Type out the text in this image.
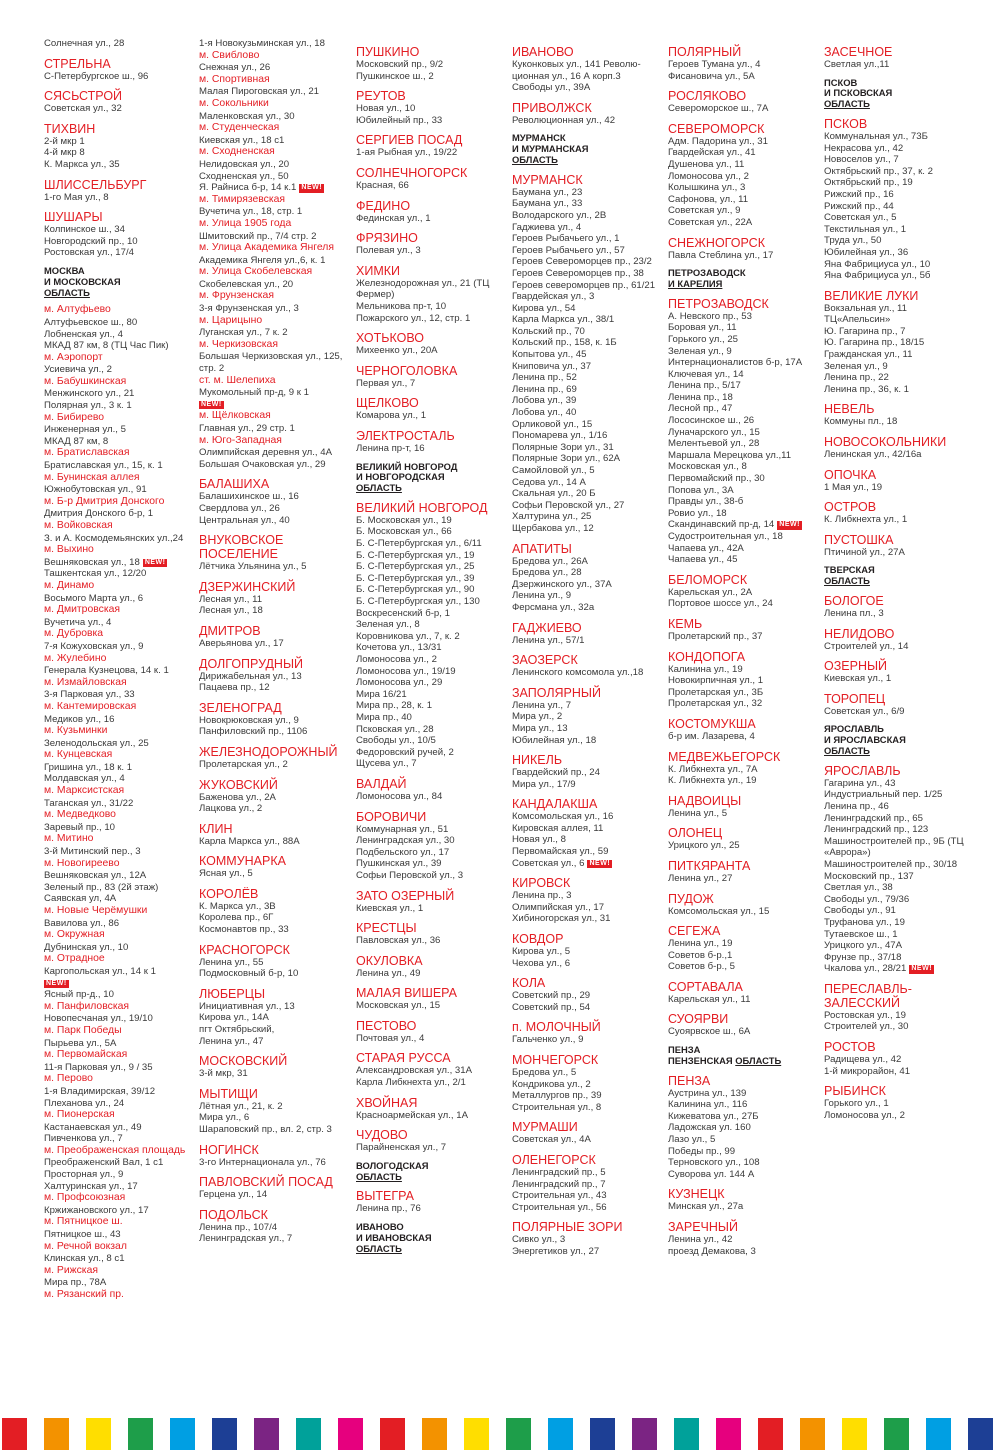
Солнечная ул., 28
СТРЕЛЬНА
С-Петербургское ш., 96
СЯСЬСТРОЙ
Советская ул., 32
ТИХВИН
2-й мкр 1
4-й мкр 8
К. Маркса ул., 35
ШЛИССЕЛЬБУРГ
1-го Мая ул., 8
ШУШАРЫ
Колпинское ш., 34
Новгородский пр., 10
Ростовская ул., 17/4
МОСКВА
И МОСКОВСКАЯ
ОБЛАСТЬ
м. Алтуфьево
Алтуфьевское ш., 80
Лобненская ул., 4
МКАД 87 км, 8 (ТЦ Час Пик)
м. Аэропорт
Усиевича ул., 2
м. Бабушкинская
Менжинского ул., 21
Полярная ул., 3 к. 1
м. Бибирево
Инженерная ул., 5
МКАД 87 км, 8
м. Братиславская
Братиславская ул., 15, к. 1
м. Бунинская аллея
Южнобутовская ул., 91
м. Б-р Дмитрия Донского
Дмитрия Донского б-р, 1
м. Войковская
З. и А. Космодемьянских ул.,24
м. Выхино
Вешняковская ул., 18 NEW!
Ташкентская ул., 12/20
м. Динамо
Восьмого Марта ул., 6
м. Дмитровская
Вучетича ул., 4
м. Дубровка
7-я Кожуховская ул., 9
м. Жулебино
Генерала Кузнецова, 14 к. 1
м. Измайловская
3-я Парковая ул., 33
м. Кантемировская
Медиков ул., 16
м. Кузьминки
Зеленодольская ул., 25
м. Кунцевская
Гришина ул., 18 к. 1
Молдавская ул., 4
м. Марксистская
Таганская ул., 31/22
м. Медведково
Заревый пр., 10
м. Митино
3-й Митинский пер., 3
м. Новогиреево
Вешняковская ул., 12А
Зеленый пр., 83 (2й этаж)
Саявская ул, 4А
м. Новые Черёмушки
Вавилова ул., 86
м. Окружная
Дубнинская ул., 10
м. Отрадное
Каргопольская ул., 14 к 1
NEW!
Ясный пр-д., 10
м. Панфиловская
Новопесчаная ул., 19/10
м. Парк Победы
Пырьева ул., 5А
м. Первомайская
11-я Парковая ул., 9 / 35
м. Перово
1-я Владимирская, 39/12
Плеханова ул., 24
м. Пионерская
Кастанаевская ул., 49
Пивченкова ул., 7
м. Преображенская площадь
Преображенский Вал, 1 с1
Просторная ул., 9
Халтуринская ул., 17
м. Профсоюзная
Кржижановского ул., 17
м. Пятницкое ш.
Пятницкое ш., 43
м. Речной вокзал
Клинская ул., 8 с1
м. Рижская
Мира пр., 78А
м. Рязанский пр.
1-я Новокузьминская ул., 18
м. Свиблово
Снежная ул., 26
м. Спортивная
Малая Пироговская ул., 21
м. Сокольники
Маленковская ул., 30
м. Студенческая
Киевская ул., 18 с1
м. Сходненская
Нелидовская ул., 20
Сходненская ул., 50
Я. Райниса б-р, 14 к.1 NEW!
м. Тимирязевская
Вучетича ул., 18, стр. 1
м. Улица 1905 года
Шмитовский пр., 7/4 стр. 2
м. Улица Академика Янгеля
Академика Янгеля ул.,6, к. 1
м. Улица Скобелевская
Скобелевская ул., 20
м. Фрунзенская
3-я Фрунзенская ул., 3
м. Царицыно
Луганская ул., 7 к. 2
м. Черкизовская
Большая Черкизовская ул., 125, стр. 2
ст. м. Шелепиха
Мукомольный пр-д, 9 к 1
NEW!
м. Щёлковская
Главная ул., 29 стр. 1
м. Юго-Западная
Олимпийская деревня ул., 4А
Большая Очаковская ул., 29
БАЛАШИХА
Балашихинское ш., 16
Свердлова ул., 26
Центральная ул., 40
ВНУКОВСКОЕ ПОСЕЛЕНИЕ
Лётчика Ульянина ул., 5
ДЗЕРЖИНСКИЙ
Лесная ул., 11
Лесная ул., 18
ДМИТРОВ
Аверьянова ул., 17
ДОЛГОПРУДНЫЙ
Дирижабельная ул., 13
Пацаева пр., 12
ЗЕЛЕНОГРАД
Новокрюковская ул., 9
Панфиловский пр., 1106
ЖЕЛЕЗНОДОРОЖНЫЙ
Пролетарская ул., 2
ЖУКОВСКИЙ
Баженова ул., 2А
Лацкова ул., 2
КЛИН
Карла Маркса ул., 88А
КОММУНАРКА
Ясная ул., 5
КОРОЛЁВ
К. Маркса ул., 3В
Королева пр., 6Г
Космонавтов пр., 33
КРАСНОГОРСК
Ленина ул., 55
Подмосковный б-р, 10
ЛЮБЕРЦЫ
Инициативная ул., 13
Кирова ул., 14А
пгт Октябрьский,
Ленина ул., 47
МОСКОВСКИЙ
3-й мкр, 31
МЫТИЩИ
Лётная ул., 21, к. 2
Мира ул., 6
Шараповский пр., вл. 2, стр. 3
НОГИНСК
3-го Интернационала ул., 76
ПАВЛОВСКИЙ ПОСАД
Герцена ул., 14
ПОДОЛЬСК
Ленина пр., 107/4
Ленинградская ул., 7
ПУШКИНО
Московский пр., 9/2
Пушкинское ш., 2
РЕУТОВ
Новая ул., 10
Юбилейный пр., 33
СЕРГИЕВ ПОСАД
1-ая Рыбная ул., 19/22
СОЛНЕЧНОГОРСК
Красная, 66
ФЕДИНО
Фединская ул., 1
ФРЯЗИНО
Полевая ул., 3
ХИМКИ
Железнодорожная ул., 21 (ТЦ Фермер)
Мельникова пр-т, 10
Пожарского ул., 12, стр. 1
ХОТЬКОВО
Михеенко ул., 20А
ЧЕРНОГОЛОВКА
Первая ул., 7
ЩЕЛКОВО
Комарова ул., 1
ЭЛЕКТРОСТАЛЬ
Ленина пр-т, 16
ВЕЛИКИЙ НОВГОРОД
И НОВГОРОДСКАЯ
ОБЛАСТЬ
ВЕЛИКИЙ НОВГОРОД
Б. Московская ул., 19
Б. Московская ул., 66
Б. С-Петербургская ул., 6/11
Б. С-Петербургская ул., 19
Б. С-Петербургская ул., 25
Б. С-Петербургская ул., 39
Б. С-Петербургская ул., 90
Б. С-Петербургская ул., 130
Воскресенский б-р, 1
Зеленая ул., 8
Коровникова ул., 7, к. 2
Кочетова ул., 13/31
Ломоносова ул., 2
Ломоносова ул., 19/19
Ломоносова ул., 29
Мира 16/21
Мира пр., 28, к. 1
Мира пр., 40
Псковская ул., 28
Свободы ул., 10/5
Федоровский ручей, 2
Щусева ул., 7
ВАЛДАЙ
Ломоносова ул., 84
БОРОВИЧИ
Коммунарная ул., 51
Ленинградская ул., 30
Подбельского ул., 17
Пушкинская ул., 39
Софьи Перовской ул., 3
ЗАТО ОЗЕРНЫЙ
Киевская ул., 1
КРЕСТЦЫ
Павловская ул., 36
ОКУЛОВКА
Ленина ул., 49
МАЛАЯ ВИШЕРА
Московская ул., 15
ПЕСТОВО
Почтовая ул., 4
СТАРАЯ РУССА
Александровская ул., 31А
Карла Либкнехта ул., 2/1
ХВОЙНАЯ
Красноармейская ул., 1А
ЧУДОВО
Парайненская ул., 7
ВОЛОГОДСКАЯ
ОБЛАСТЬ
ВЫТЕГРА
Ленина пр., 76
ИВАНОВО
И ИВАНОВСКАЯ
ОБЛАСТЬ
ИВАНОВО
Куконковых ул., 141 Револю- ционная ул., 16 А корп.3
Свободы ул., 39А
ПРИВОЛЖСК
Революционная ул., 42
МУРМАНСК
И МУРМАНСКАЯ
ОБЛАСТЬ
МУРМАНСК
Баумана ул., 23
Баумана ул., 33
Володарского ул., 2В
Гаджиева ул., 4
Героев Рыбачьего ул., 1
Героев Рыбачьего ул., 57
Героев Североморцев пр., 23/2
Героев Североморцев пр., 38
Героев североморцев пр., 61/21
Гвардейская ул., 3
Кирова ул., 54
Карла Маркса ул., 38/1
Кольский пр., 70
Кольский пр., 158, к. 1Б
Копытова ул., 45
Книповича ул., 37
Ленина пр., 52
Ленина пр., 69
Лобова ул., 39
Лобова ул., 40
Орликовой ул., 15
Пономарева ул., 1/16
Полярные Зори ул., 31
Полярные Зори ул., 62А
Самойловой ул., 5
Седова ул., 14 А
Скальная ул., 20 Б
Софьи Перовской ул., 27
Халтурина ул., 25
Щербакова ул., 12
АПАТИТЫ
Бредова ул., 26А
Бредова ул., 28
Дзержинского ул., 37А
Ленина ул., 9
Ферсмана ул., 32а
ГАДЖИЕВО
Ленина ул., 57/1
ЗАОЗЕРСК
Ленинского комсомола ул.,18
ЗАПОЛЯРНЫЙ
Ленина ул., 7
Мира ул., 2
Мира ул., 13
Юбилейная ул., 18
НИКЕЛЬ
Гвардейский пр., 24
Мира ул., 17/9
КАНДАЛАКША
Комсомольская ул., 16
Кировская аллея, 11
Новая ул., 8
Первомайская ул., 59
Советская ул., 6 NEW!
КИРОВСК
Ленина пр., 3
Олимпийская ул., 17
Хибиногорская ул., 31
КОВДОР
Кирова ул., 5
Чехова ул., 6
КОЛА
Советский пр., 29
Советский пр., 54
п. МОЛОЧНЫЙ
Гальченко ул., 9
МОНЧЕГОРСК
Бредова ул., 5
Кондрикова ул., 2
Металлургов пр., 39
Строительная ул., 8
МУРМАШИ
Советская ул., 4А
ОЛЕНЕГОРСК
Ленинградский пр., 5
Ленинградский пр., 7
Строительная ул., 43
Строительная ул., 56
ПОЛЯРНЫЕ ЗОРИ
Сивко ул., 3
Энергетиков ул., 27
ПОЛЯРНЫЙ
Героев Тумана ул., 4
Фисановича ул., 5А
РОСЛЯКОВО
Североморское ш., 7А
СЕВЕРОМОРСК
Адм. Падорина ул., 31
Гвардейская ул., 41
Душенова ул., 11
Ломоносова ул., 2
Колышкина ул., 3
Сафонова, ул., 11
Советская ул., 9
Советская ул., 22А
СНЕЖНОГОРСК
Павла Стеблина ул., 17
ПЕТРОЗАВОДСК
И КАРЕЛИЯ
ПЕТРОЗАВОДСК
А. Невского пр., 53
Боровая ул., 11
Горького ул., 25
Зеленая ул., 9
Интернационалистов б-р, 17А
Ключевая ул., 14
Ленина пр., 5/17
Ленина пр., 18
Лесной пр., 47
Лососинское ш., 26
Луначарского ул., 15
Мелентьевой ул., 28
Маршала Мерецкова ул.,11
Московская ул., 8
Первомайский пр., 30
Попова ул., 3А
Правды ул., 38-б
Ровио ул., 18
Скандинавский пр-д, 14 NEW!
Судостроительная ул., 18
Чапаева ул., 42А
Чапаева ул., 45
БЕЛОМОРСК
Карельская ул., 2А
Портовое шоссе ул., 24
КЕМЬ
Пролетарский пр., 37
КОНДОПОГА
Калинина ул., 19
Новокирпичная ул., 1
Пролетарская ул., 3Б
Пролетарская ул., 32
КОСТОМУКША
б-р им. Лазарева, 4
МЕДВЕЖЬЕГОРСК
К. Либкнехта ул., 7А
К. Либкнехта ул., 19
НАДВОИЦЫ
Ленина ул., 5
ОЛОНЕЦ
Урицкого ул., 25
ПИТКЯРАНТА
Ленина ул., 27
ПУДОЖ
Комсомольская ул., 15
СЕГЕЖА
Ленина ул., 19
Советов б-р.,1
Советов б-р., 5
СОРТАВАЛА
Карельская ул., 11
СУОЯРВИ
Суоярвское ш., 6А
ПЕНЗА
ПЕНЗЕНСКАЯ ОБЛАСТЬ
ПЕНЗА
Аустрина ул., 139
Калинина ул., 116
Кижеватова ул., 27Б
Ладожская ул. 160
Лазо ул., 5
Победы пр., 99
Терновского ул., 108
Суворова ул. 144 А
КУЗНЕЦК
Минская ул., 27а
ЗАРЕЧНЫЙ
Ленина ул., 42
проезд Демакова, 3
ЗАСЕЧНОЕ
Светлая ул.,11
ПСКОВ
И ПСКОВСКАЯ
ОБЛАСТЬ
ПСКОВ
Коммунальная ул., 73Б
Некрасова ул., 42
Новоселов ул., 7
Октябрьский пр., 37, к. 2
Октябрьский пр., 19
Рижский пр., 16
Рижский пр., 44
Советская ул., 5
Текстильная ул., 1
Труда ул., 50
Юбилейная ул., 36
Яна Фабрициуса ул., 10
Яна Фабрициуса ул., 5б
ВЕЛИКИЕ ЛУКИ
Вокзальная ул., 11
ТЦ«Апельсин»
Ю. Гагарина пр., 7
Ю. Гагарина пр., 18/15
Гражданская ул., 11
Зеленая ул., 9
Ленина пр., 22
Ленина пр., 36, к. 1
НЕВЕЛЬ
Коммуны пл., 18
НОВОСОКОЛЬНИКИ
Ленинская ул., 42/16а
ОПОЧКА
1 Мая ул., 19
ОСТРОВ
К. Либкнехта ул., 1
ПУСТОШКА
Птичиной ул., 27А
ТВЕРСКАЯ
ОБЛАСТЬ
БОЛОГОЕ
Ленина пл., 3
НЕЛИДОВО
Строителей ул., 14
ОЗЕРНЫЙ
Киевская ул., 1
ТОРОПЕЦ
Советская ул., 6/9
ЯРОСЛАВЛЬ
И ЯРОСЛАВСКАЯ
ОБЛАСТЬ
ЯРОСЛАВЛЬ
Гагарина ул., 43
Индустриальный пер. 1/25
Ленина пр., 46
Ленинградский пр., 65
Ленинградский пр., 123
Машиностроителей пр., 9Б (ТЦ «Аврора»)
Машиностроителей пр., 30/18
Московский пр., 137
Светлая ул., 38
Свободы ул., 79/36
Свободы ул., 91
Труфанова ул., 19
Тутаевское ш., 1
Урицкого ул., 47А
Фрунзе пр., 37/18
Чкалова ул., 28/21 NEW!
ПЕРЕСЛАВЛЬ-ЗАЛЕССКИЙ
Ростовская ул., 19
Строителей ул., 30
РОСТОВ
Радищева ул., 42
1-й микрорайон, 41
РЫБИНСК
Горького ул., 1
Ломоносова ул., 2
